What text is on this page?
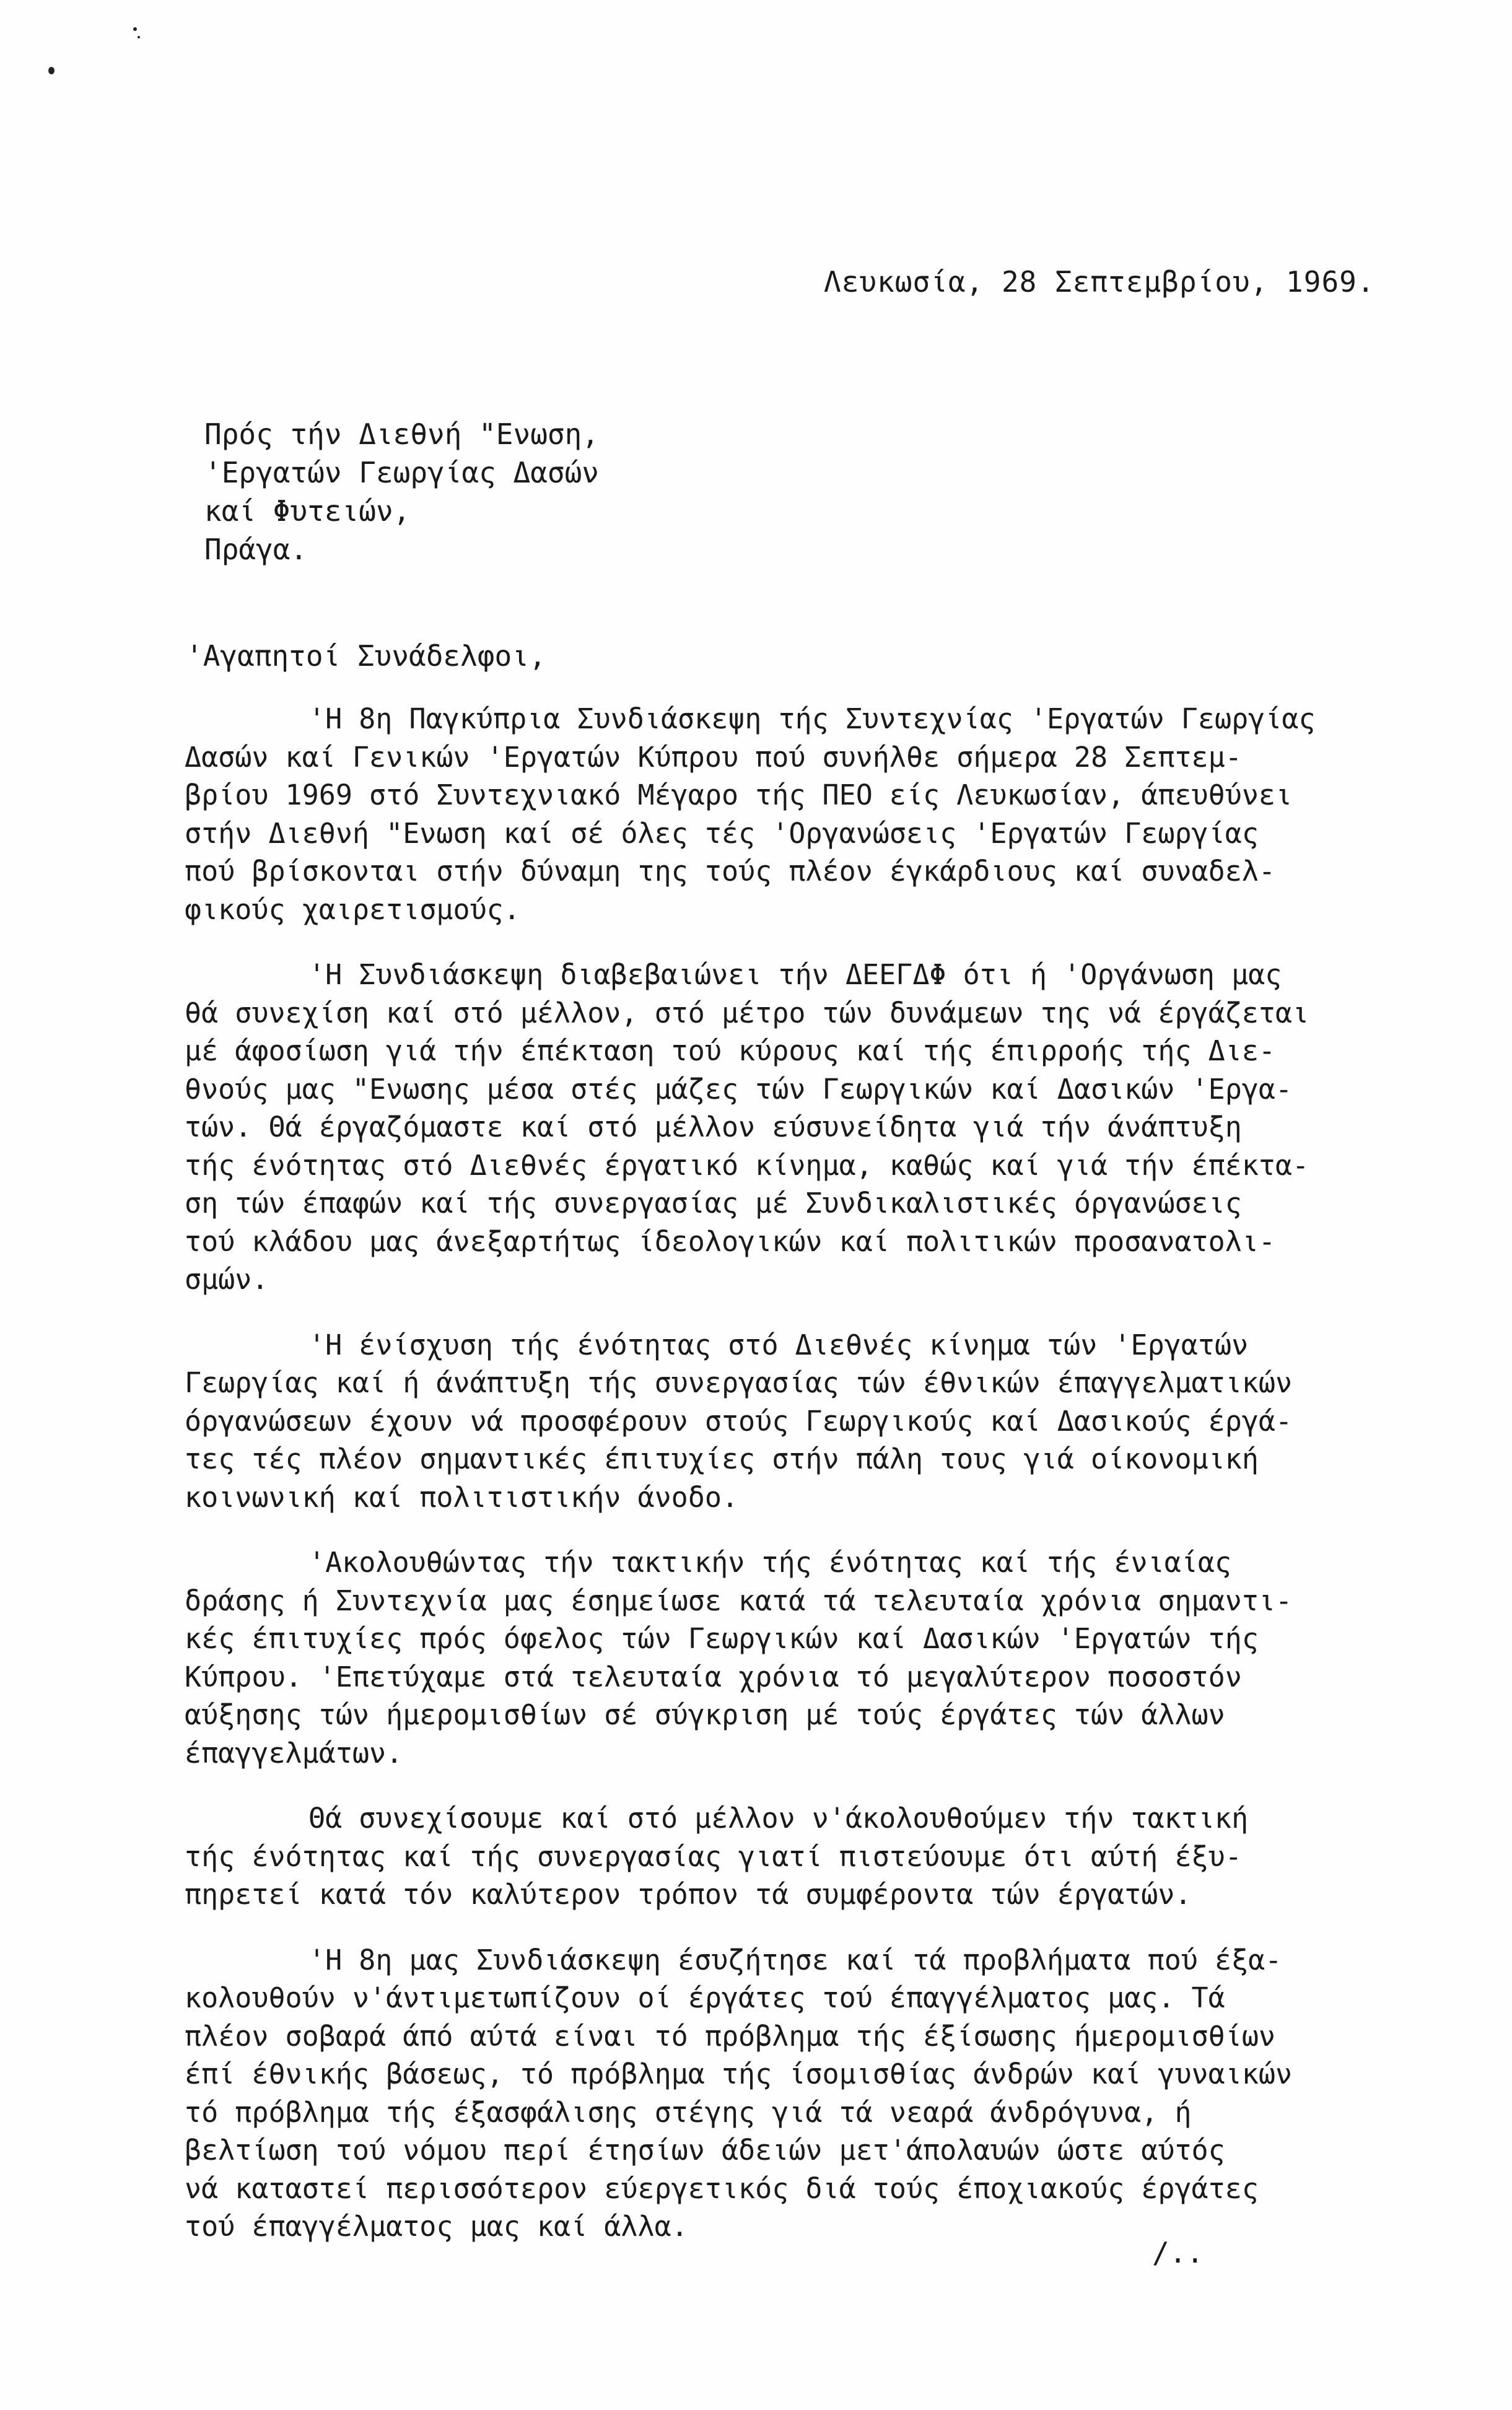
Λευκωσία, 28 Σεπτεμβρίου, 1969.
Πρός τήν Διεθνή "Ενωση,
'Εργατών Γεωργίας Δασών
καί Φυτειών,
Πράγα.
'Αγαπητοί Συνάδελφοι,
'Η 8η Παγκύπρια Συνδιάσκεψη τής Συντεχνίας 'Εργατών Γεωργίας
Δασών καί Γενικών 'Εργατών Κύπρου πού συνήλθε σήμερα 28 Σεπτεμ-
βρίου 1969 στό Συντεχνιακό Μέγαρο τής ΠΕΟ είς Λευκωσίαν, άπευθύνει
στήν Διεθνή "Ενωση καί σέ όλες τές 'Οργανώσεις 'Εργατών Γεωργίας
πού βρίσκονται στήν δύναμη της τούς πλέον έγκάρδιους καί συναδελ-
φικούς χαιρετισμούς.
'Η Συνδιάσκεψη διαβεβαιώνει τήν ΔΕΕΓΔΦ ότι ή 'Οργάνωση μας
θά συνεχίση καί στό μέλλον, στό μέτρο τών δυνάμεων της νά έργάζεται
μέ άφοσίωση γιά τήν έπέκταση τού κύρους καί τής έπιρροής τής Διε-
θνούς μας "Ενωσης μέσα στές μάζες τών Γεωργικών καί Δασικών 'Εργα-
τών. Θά έργαζόμαστε καί στό μέλλον εύσυνείδητα γιά τήν άνάπτυξη
τής ένότητας στό Διεθνές έργατικό κίνημα, καθώς καί γιά τήν έπέκτα-
ση τών έπαφών καί τής συνεργασίας μέ Συνδικαλιστικές όργανώσεις
τού κλάδου μας άνεξαρτήτως ίδεολογικών καί πολιτικών προσανατολι-
σμών.
'Η ένίσχυση τής ένότητας στό Διεθνές κίνημα τών 'Εργατών
Γεωργίας καί ή άνάπτυξη τής συνεργασίας τών έθνικών έπαγγελματικών
όργανώσεων έχουν νά προσφέρουν στούς Γεωργικούς καί Δασικούς έργά-
τες τές πλέον σημαντικές έπιτυχίες στήν πάλη τους γιά οίκονομική
κοινωνική καί πολιτιστικήν άνοδο.
'Ακολουθώντας τήν τακτικήν τής ένότητας καί τής ένιαίας
δράσης ή Συντεχνία μας έσημείωσε κατά τά τελευταία χρόνια σημαντι-
κές έπιτυχίες πρός όφελος τών Γεωργικών καί Δασικών 'Εργατών τής
Κύπρου. 'Επετύχαμε στά τελευταία χρόνια τό μεγαλύτερον ποσοστόν
αύξησης τών ήμερομισθίων σέ σύγκριση μέ τούς έργάτες τών άλλων
έπαγγελμάτων.
Θά συνεχίσουμε καί στό μέλλον ν'άκολουθούμεν τήν τακτική
τής ένότητας καί τής συνεργασίας γιατί πιστεύουμε ότι αύτή έξυ-
πηρετεί κατά τόν καλύτερον τρόπον τά συμφέροντα τών έργατών.
'Η 8η μας Συνδιάσκεψη έσυζήτησε καί τά προβλήματα πού έξα-
κολουθούν ν'άντιμετωπίζουν οί έργάτες τού έπαγγέλματος μας. Τά
πλέον σοβαρά άπό αύτά είναι τό πρόβλημα τής έξίσωσης ήμερομισθίων
έπί έθνικής βάσεως, τό πρόβλημα τής ίσομισθίας άνδρών καί γυναικών
τό πρόβλημα τής έξασφάλισης στέγης γιά τά νεαρά άνδρόγυνα, ή
βελτίωση τού νόμου περί έτησίων άδειών μετ'άπολαυών ώστε αύτός
νά καταστεί περισσότερον εύεργετικός διά τούς έποχιακούς έργάτες
τού έπαγγέλματος μας καί άλλα.
/..
